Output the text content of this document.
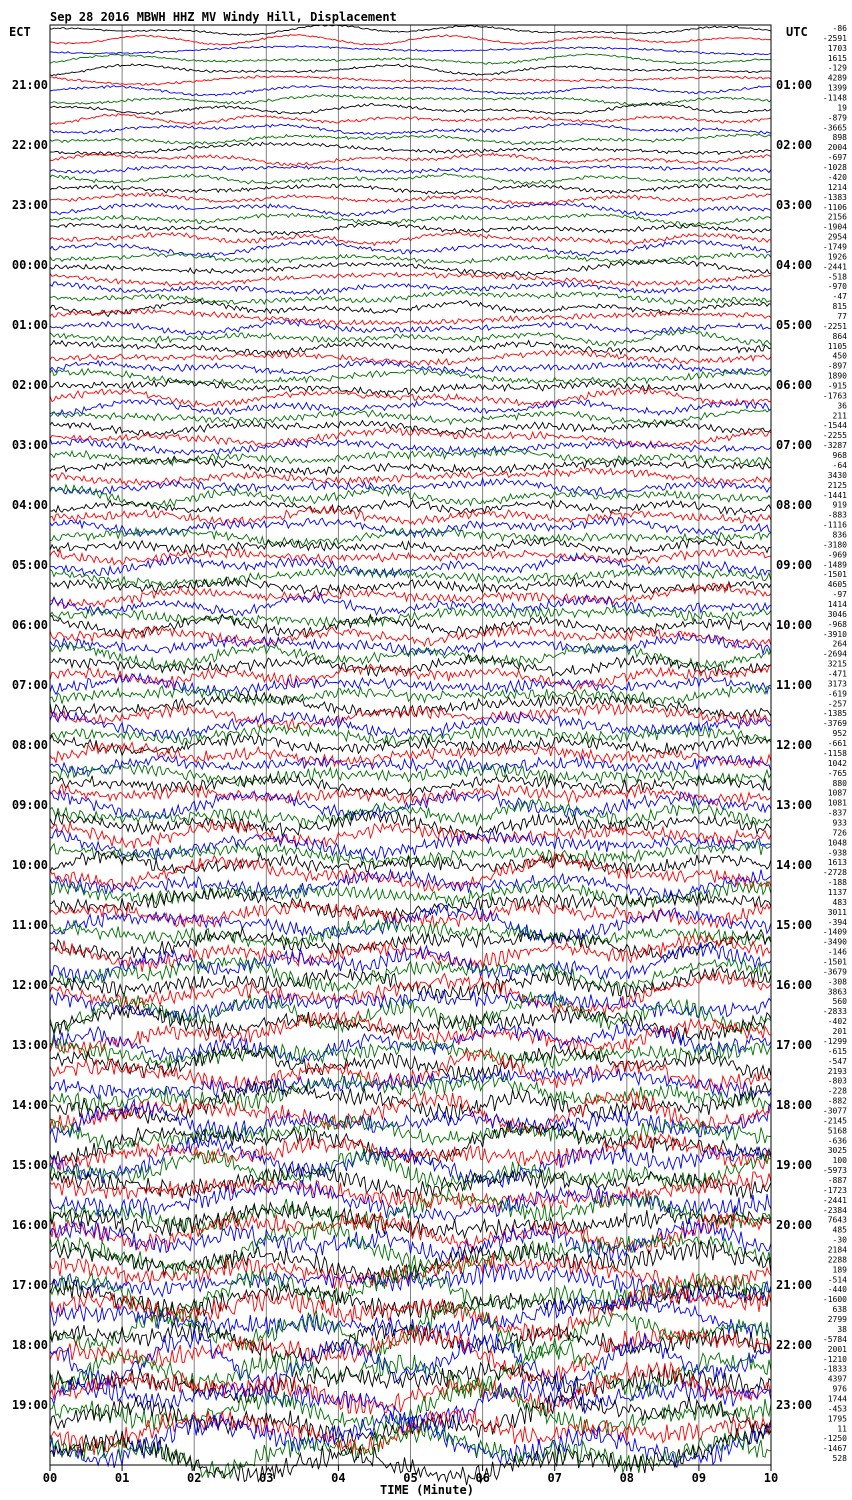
Sep 28 2016 MBWH HHZ MV Windy Hill, Displacement
ECT	UTC
TIME (Minute)
00	01	02	03	04	05	06	07	08	09	10
21:00
22:00
23:00
00:00
01:00
02:00
03:00
04:00
05:00
06:00
07:00
08:00
09:00
10:00
11:00
12:00
13:00
14:00
15:00
16:00
17:00
18:00
19:00
01:00
02:00
03:00
04:00
05:00
06:00
07:00
08:00
09:00
10:00
11:00
12:00
13:00
14:00
15:00
16:00
17:00
18:00
19:00
20:00
21:00
22:00
23:00
-86
-2591
1703
1615
-129
4289
1399
-1148
19
-879
-3665
898
2004
-697
-1028
-420
1214
-1383
-1106
2156
-1904
2954
-1749
1926
-2441
-518
-970
-47
815
77
-2251
864
1105
450
-897
1890
-915
-1763
36
211
-1544
-2255
-3287
968
-64
3430
2125
-1441
919
-883
-1116
836
-3180
-969
-1489
-1501
4605
-97
1414
3046
-968
-3910
264
-2694
3215
-471
3173
-619
-257
-1385
-3769
952
-661
-1158
1042
-765
880
1087
1081
-837
933
726
1048
-938
1613
-2728
-188
1137
483
3011
-394
-1409
-3490
-146
-1501
-3679
-308
3863
560
-2833
-402
201
-1299
-615
-547
2193
-803
-228
-882
-3077
-2145
5168
-636
3025
100
-5973
-887
-1723
-2441
-2384
7643
485
-30
2184
2288
189
-514
-440
-1600
638
2799
38
-5784
2001
-1210
-1833
4397
976
1744
-453
1795
11
-1250
-1467
528
